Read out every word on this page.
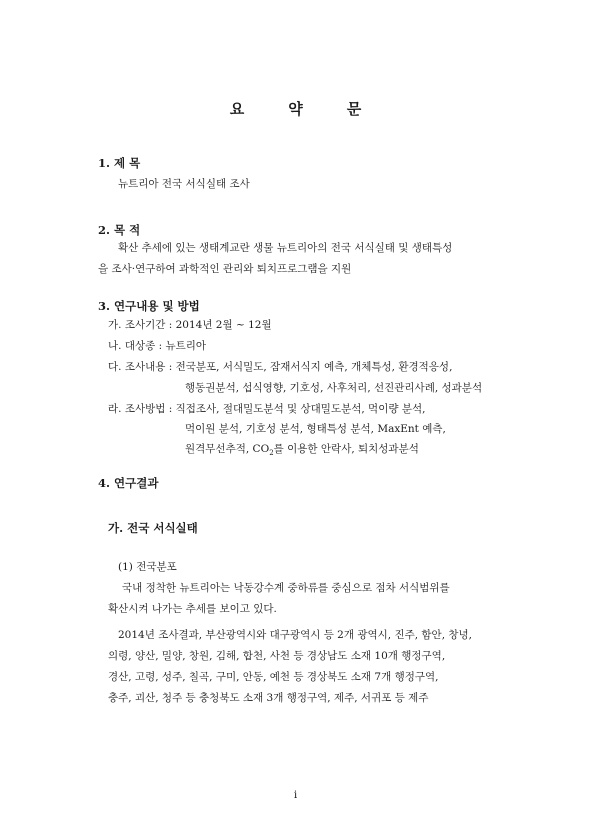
요	약	문
1. 제 목
뉴트리아 전국 서식실태 조사
2. 목 적
확산 추세에 있는 생태계교란 생물 뉴트리아의 전국 서식실태 및 생태특성
을 조사·연구하여 과학적인 관리와 퇴치프로그램을 지원
3. 연구내용 및 방법
가. 조사기간 : 2014년 2월 ~ 12월
나. 대상종 : 뉴트리아
다. 조사내용 : 전국분포, 서식밀도, 잠재서식지 예측, 개체특성, 환경적응성,
행동권분석, 섭식영향, 기호성, 사후처리, 선진관리사례, 성과분석
라. 조사방법 : 직접조사, 절대밀도분석 및 상대밀도분석, 먹이량 분석,
먹이원 분석, 기호성 분석, 형태특성 분석, MaxEnt 예측,
원격무선추적, $CO_2$를 이용한 안락사, 퇴치성과분석
4. 연구결과
가. 전국 서식실태
(1) 전국분포
국내 정착한 뉴트리아는 낙동강수계 중하류를 중심으로 점차 서식범위를
확산시켜 나가는 추세를 보이고 있다.
2014년 조사결과, 부산광역시와 대구광역시 등 2개 광역시, 진주, 함안, 창녕,
의령, 양산, 밀양, 창원, 김해, 합천, 사천 등 경상남도 소재 10개 행정구역,
경산, 고령, 성주, 칠곡, 구미, 안동, 예천 등 경상북도 소재 7개 행정구역,
충주, 괴산, 청주 등 충청북도 소재 3개 행정구역, 제주, 서귀포 등 제주
i
